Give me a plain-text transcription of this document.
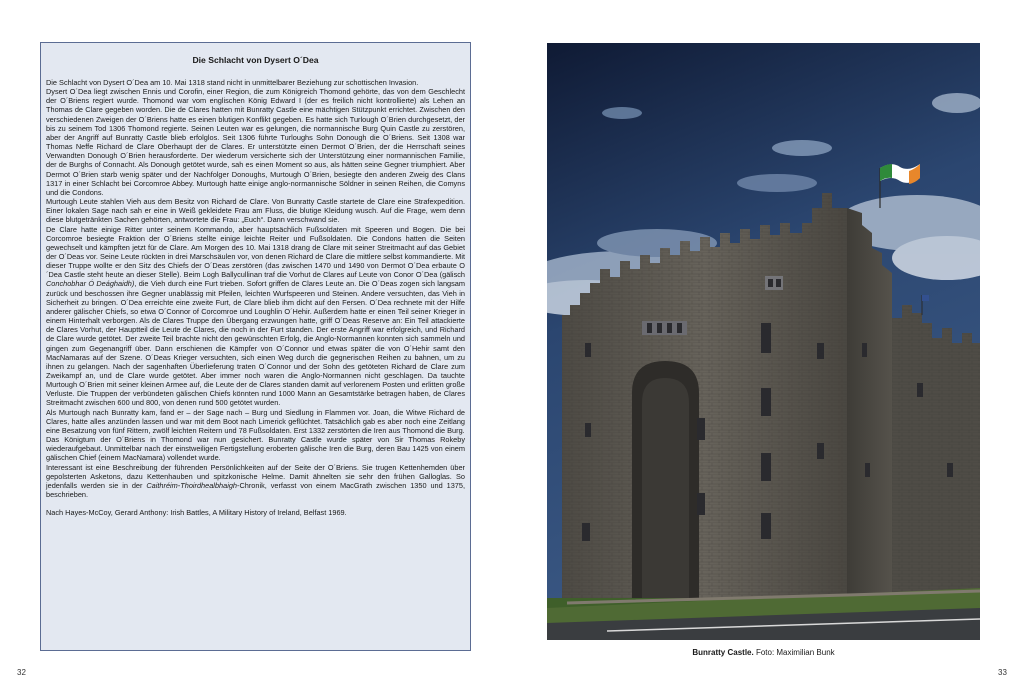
Die Schlacht von Dysert O´Dea

Die Schlacht von Dysert O´Dea am 10. Mai 1318 stand nicht in unmittelbarer Beziehung zur schottischen Invasion.

Dysert O´Dea liegt zwischen Ennis und Corofin, einer Region, die zum Königreich Thomond gehörte, das von dem Geschlecht der O´Briens regiert wurde. Thomond war vom englischen König Edward I (der es freilich nicht kontrollierte) als Lehen an Thomas de Clare gegeben worden. Die de Clares hatten mit Bunratty Castle eine mächtigen Stützpunkt errichtet. Zwischen den verschiedenen Zweigen der O´Briens hatte es einen blutigen Konflikt gegeben. Es hatte sich Turlough O´Brien durchgesetzt, der bis zu seinem Tod 1306 Thomond regierte. Seinen Leuten war es gelungen, die normannische Burg Quin Castle zu zerstören, aber der Angriff auf Bunratty Castle blieb erfolglos. Seit 1306 führte Turloughs Sohn Donough die O´Briens. Seit 1308 war Thomas Neffe Richard de Clare Oberhaupt der de Clares. Er unterstützte einen Dermot O´Brien, der die Herrschaft seines Verwandten Donough O´Brien herausforderte. Der wiederum versicherte sich der Unterstützung einer normannischen Familie, der de Burghs of Connacht. Als Donough getötet wurde, sah es einen Moment so aus, als hätten seine Gegner triumphiert. Aber Dermot O´Brien starb wenig später und der Nachfolger Donoughs, Murtough O´Brien, besiegte den anderen Zweig des Clans 1317 in einer Schlacht bei Corcomroe Abbey. Murtough hatte einige anglo-normannische Söldner in seinen Reihen, die Comyns und die Condons.

Murtough Leute stahlen Vieh aus dem Besitz von Richard de Clare. Von Bunratty Castle startete de Clare eine Strafexpedition. Einer lokalen Sage nach sah er eine in Weiß gekleidete Frau am Fluss, die blutige Kleidung wusch. Auf die Frage, wem denn diese blutgetränkten Sachen gehörten, antwortete die Frau: „Euch“. Dann verschwand sie.

De Clare hatte einige Ritter unter seinem Kommando, aber hauptsächlich Fußsoldaten mit Speeren und Bogen. Die bei Corcomroe besiegte Fraktion der O´Briens stellte einige leichte Reiter und Fußsoldaten. Die Condons hatten die Seiten gewechselt und kämpften jetzt für de Clare. Am Morgen des 10. Mai 1318 drang de Clare mit seiner Streitmacht auf das Gebiet der O´Deas vor. Seine Leute rückten in drei Marschsäulen vor, von denen Richard de Clare die mittlere selbst kommandierte. Mit dieser Truppe wollte er den Sitz des Chiefs der O´Deas zerstören (das zwischen 1470 und 1490 von Dermot O´Dea erbaute O´Dea Castle steht heute an dieser Stelle). Beim Logh Ballycullinan traf die Vorhut de Clares auf Leute von Conor O´Dea (gälisch Conchobhar Ó Deághaidh), die Vieh durch eine Furt trieben. Sofort griffen de Clares Leute an. Die O´Deas zogen sich langsam zurück und beschossen ihre Gegner unablässig mit Pfeilen, leichten Wurfspeeren und Steinen. Andere versuchten, das Vieh in Sicherheit zu bringen. O´Dea erreichte eine zweite Furt, de Clare blieb ihm dicht auf den Fersen. O´Dea rechnete mit der Hilfe anderer gälischer Chiefs, so etwa O´Connor of Corcomroe und Loughlin O´Hehir. Außerdem hatte er einen Teil seiner Krieger in einem Hinterhalt verborgen. Als de Clares Truppe den Übergang erzwungen hatte, griff O´Deas Reserve an: Ein Teil attackierte de Clares Vorhut, der Hauptteil die Leute de Clares, die noch in der Furt standen. Der erste Angriff war erfolgreich, und Richard de Clare wurde getötet. Der zweite Teil brachte nicht den gewünschten Erfolg, die Anglo-Normannen konnten sich sammeln und gingen zum Gegenangriff über. Dann erschienen die Kämpfer von O´Connor und etwas später die von O´Hehir samt den MacNamaras auf der Szene. O´Deas Krieger versuchten, sich einen Weg durch die gegnerischen Reihen zu bahnen, um zu ihnen zu gelangen. Nach der sagenhaften Überlieferung traten O´Connor und der Sohn des getöteten Richard de Clare zum Zweikampf an, und de Clare wurde getötet. Aber immer noch waren die Anglo-Normannen nicht geschlagen. Da tauchte Murtough O´Brien mit seiner kleinen Armee auf, die Leute der de Clares standen damit auf verlorenem Posten und erlitten große Verluste. Die Truppen der verbündeten gälischen Chiefs könnten rund 1000 Mann an Gesamtstärke betragen haben, de Clares Streitmacht zwischen 600 und 800, von denen rund 500 getötet wurden.

Als Murtough nach Bunratty kam, fand er – der Sage nach – Burg und Siedlung in Flammen vor. Joan, die Witwe Richard de Clares, hatte alles anzünden lassen und war mit dem Boot nach Limerick geflüchtet. Tatsächlich gab es aber noch eine Zeitlang eine Besatzung von fünf Rittern, zwölf leichten Reitern und 78 Fußsoldaten. Erst 1332 zerstörten die Iren aus Thomond die Burg.

Das Königtum der O´Briens in Thomond war nun gesichert. Bunratty Castle wurde später von Sir Thomas Rokeby wiederaufgebaut. Unmittelbar nach der einstweiligen Fertigstellung eroberten gälische Iren die Burg, deren Bau 1425 von einem gälischen Chief (einem MacNamara) vollendet wurde.

Interessant ist eine Beschreibung der führenden Persönlichkeiten auf der Seite der O´Briens. Sie trugen Kettenhemden über gepolsterten Asketons, dazu Kettenhauben und spitzkonische Helme. Damit ähnelten sie sehr den frühen Galloglas. So jedenfalls werden sie in der Caithréim-Thoirdhealbhaigh-Chronik, verfasst von einem MacGrath zwischen 1350 und 1375, beschrieben.

Nach Hayes-McCoy, Gerard Anthony: Irish Battles, A Military History of Ireland, Belfast 1969.

32
Bunratty Castle. Foto: Maximilian Bunk
33
